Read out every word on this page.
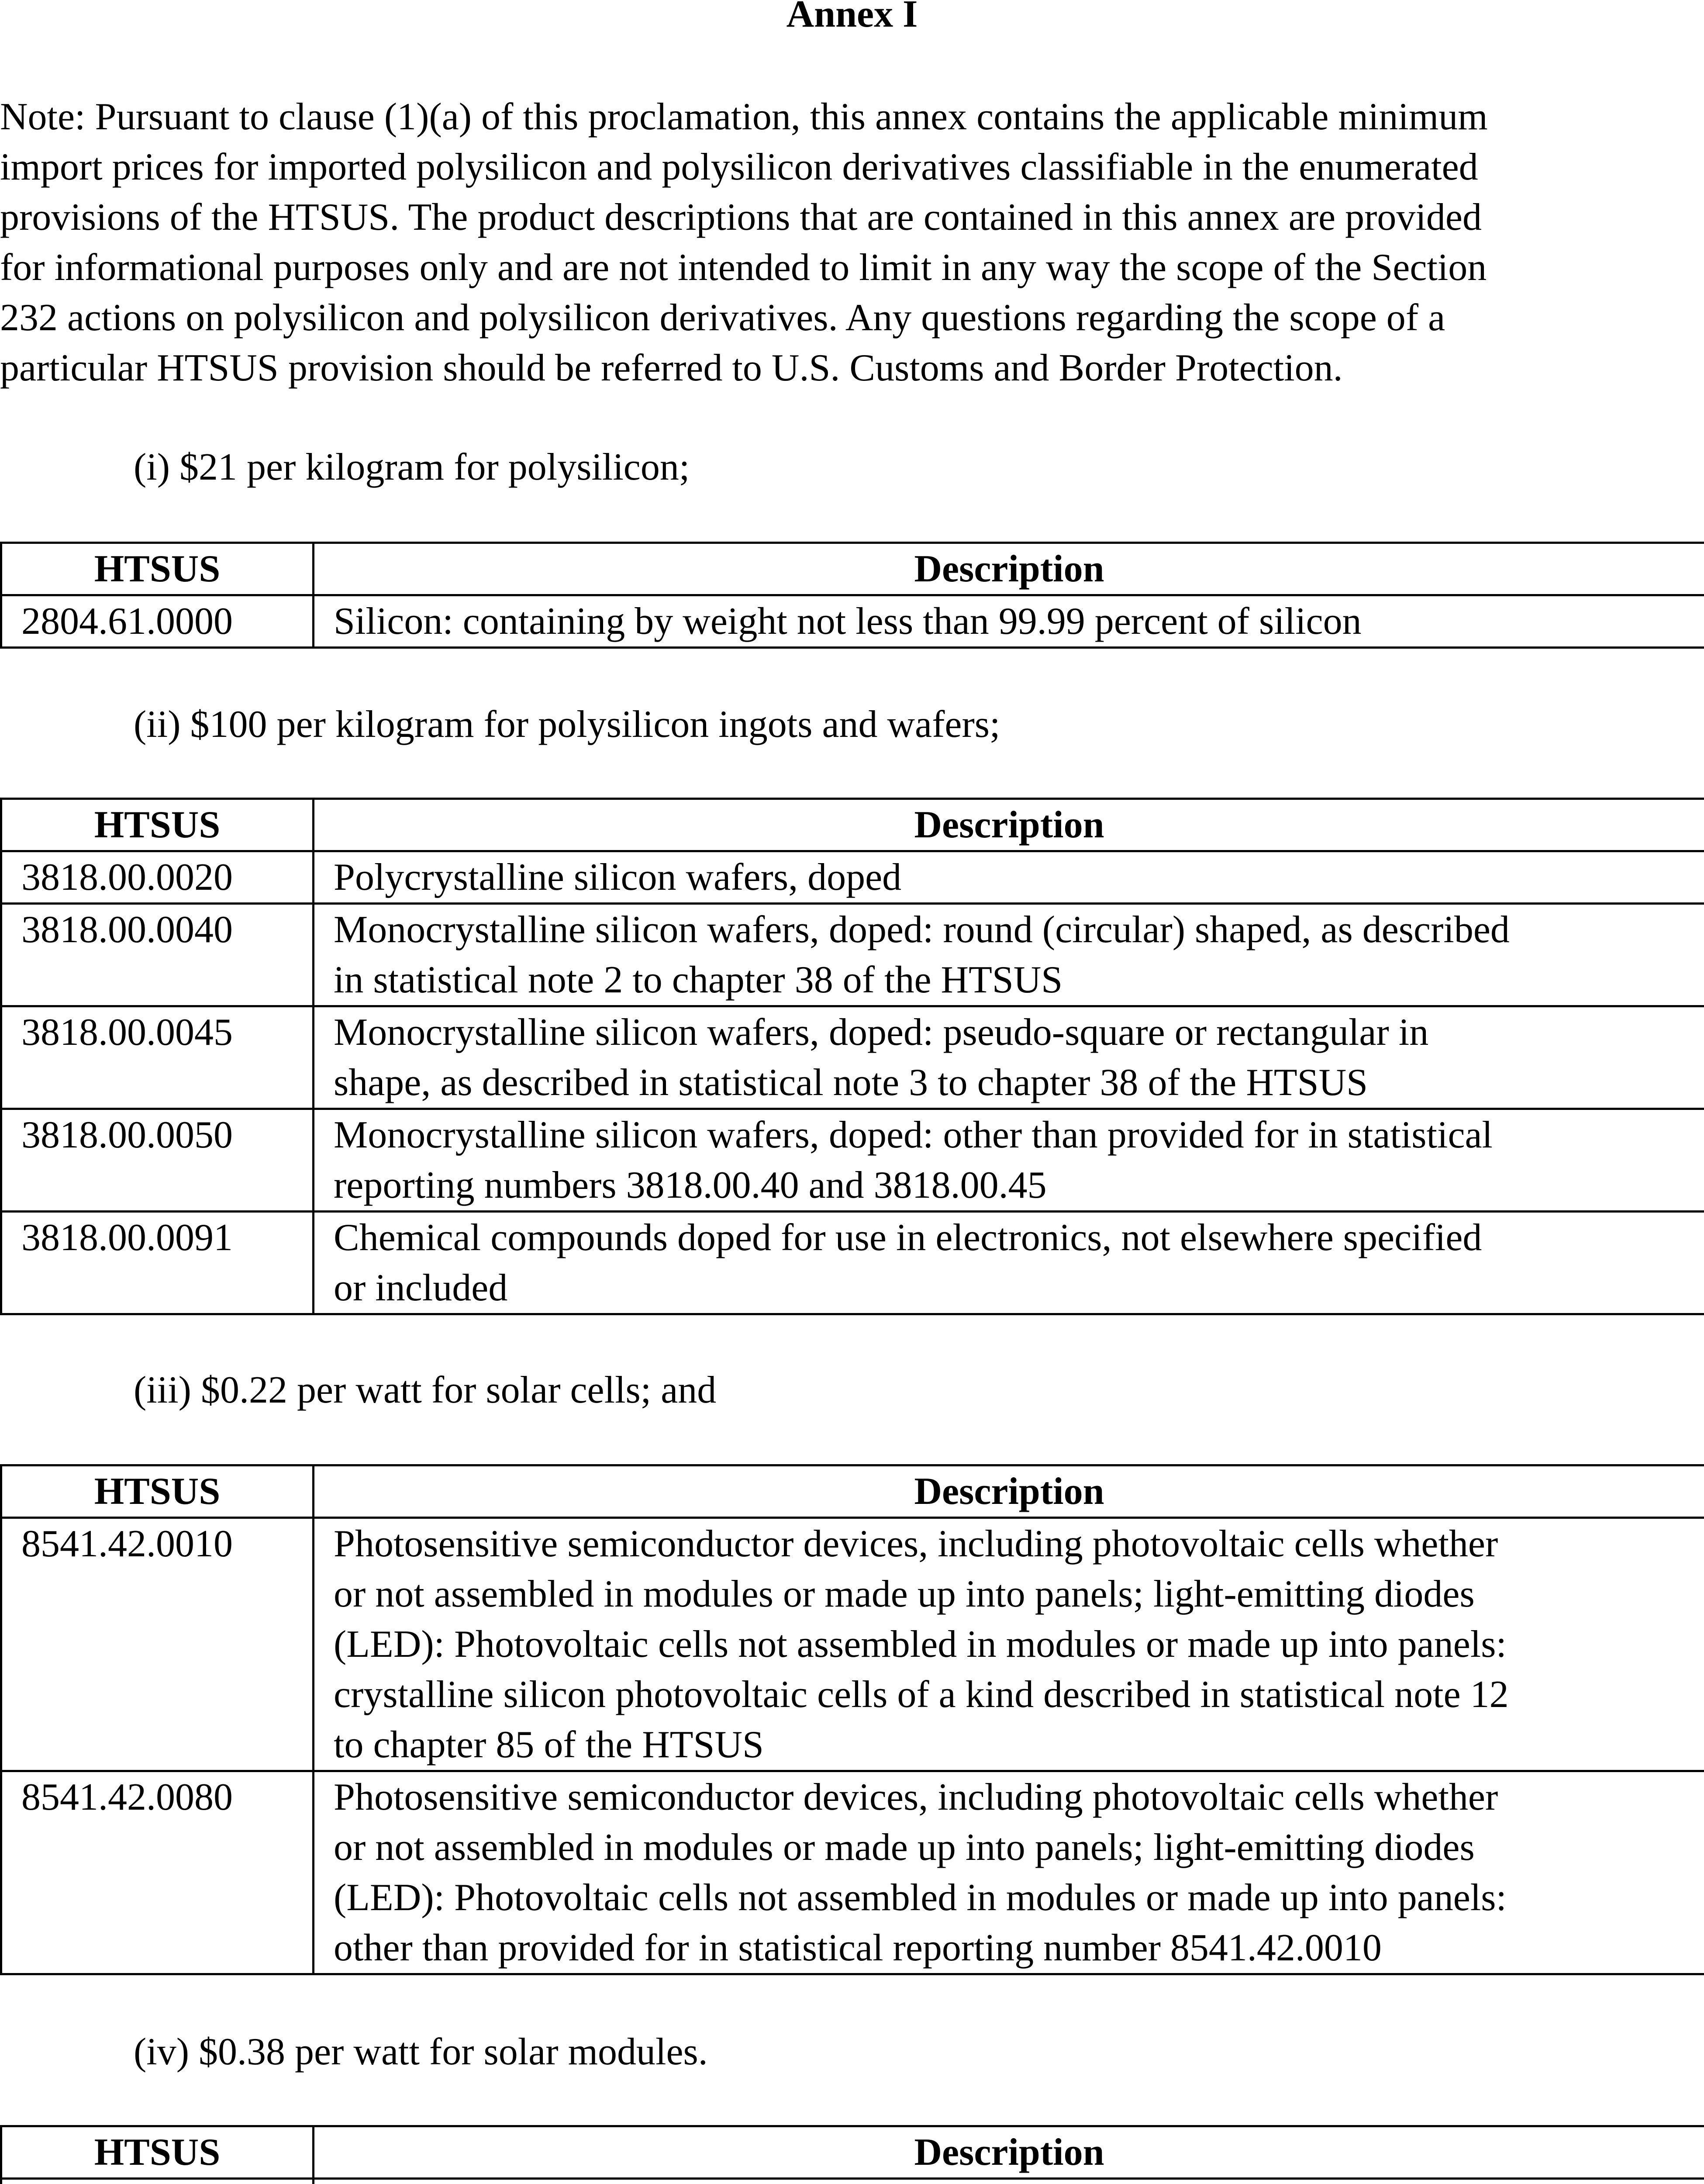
Annex I

Note: Pursuant to clause (1)(a) of this proclamation, this annex contains the applicable minimum
import prices for imported polysilicon and polysilicon derivatives classifiable in the enumerated
provisions of the HTSUS. The product descriptions that are contained in this annex are provided
for informational purposes only and are not intended to limit in any way the scope of the Section
232 actions on polysilicon and polysilicon derivatives. Any questions regarding the scope of a
particular HTSUS provision should be referred to U.S. Customs and Border Protection.

(i) $21 per kilogram for polysilicon;

HTSUS	Description
2804.61.0000	Silicon: containing by weight not less than 99.99 percent of silicon

(ii) $100 per kilogram for polysilicon ingots and wafers;

HTSUS	Description
3818.00.0020	Polycrystalline silicon wafers, doped

3818.00.0040	Monocrystalline silicon wafers, doped: round (circular) shaped, as described
in statistical note 2 to chapter 38 of the HTSUS

3818.00.0045	Monocrystalline silicon wafers, doped: pseudo-square or rectangular in
shape, as described in statistical note 3 to chapter 38 of the HTSUS

3818.00.0050	Monocrystalline silicon wafers, doped: other than provided for in statistical
reporting numbers 3818.00.40 and 3818.00.45

3818.00.0091	Chemical compounds doped for use in electronics, not elsewhere specified
or included

(iii) $0.22 per watt for solar cells; and

HTSUS	Description
8541.42.0010	Photosensitive semiconductor devices, including photovoltaic cells whether
or not assembled in modules or made up into panels; light-emitting diodes
(LED): Photovoltaic cells not assembled in modules or made up into panels:
crystalline silicon photovoltaic cells of a kind described in statistical note 12
to chapter 85 of the HTSUS

8541.42.0080	Photosensitive semiconductor devices, including photovoltaic cells whether
or not assembled in modules or made up into panels; light-emitting diodes
(LED): Photovoltaic cells not assembled in modules or made up into panels:
other than provided for in statistical reporting number 8541.42.0010

(iv) $0.38 per watt for solar modules.

HTSUS	Description
